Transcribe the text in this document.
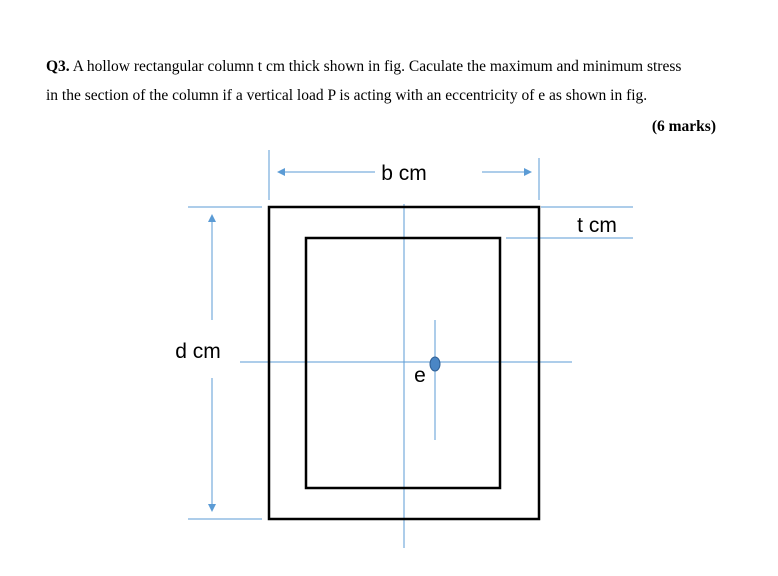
Q3. A hollow rectangular column t cm thick shown in fig. Caculate the maximum and minimum stress
in the section of the column if a vertical load P is acting with an eccentricity of e as shown in fig.
(6 marks)
b cm
d cm
t cm
e
